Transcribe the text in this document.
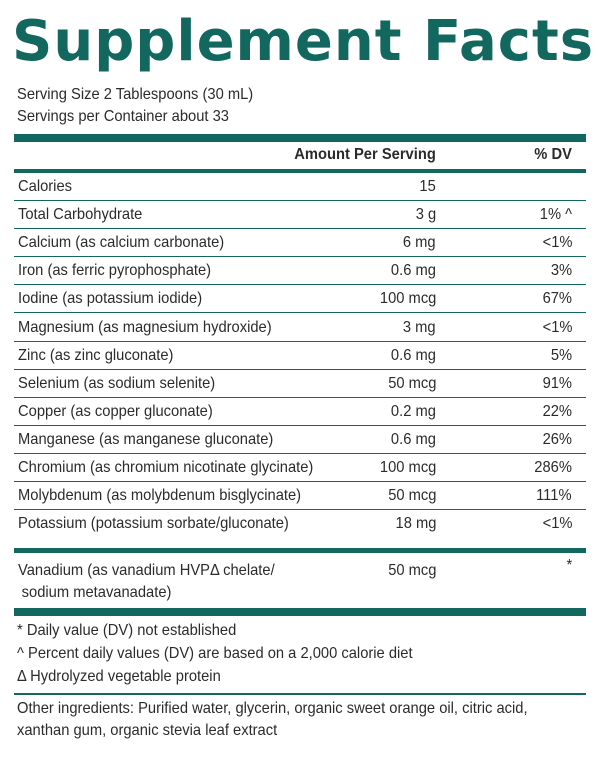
Supplement Facts
Serving Size 2 Tablespoons (30 mL)
Servings per Container about 33
Amount Per Serving	% DV
Calories	15
Total Carbohydrate	3 g	1% ^
Calcium (as calcium carbonate)	6 mg	<1%
Iron (as ferric pyrophosphate)	0.6 mg	3%
Iodine (as potassium iodide)	100 mcg	67%
Magnesium (as magnesium hydroxide)	3 mg	<1%
Zinc (as zinc gluconate)	0.6 mg	5%
Selenium (as sodium selenite)	50 mcg	91%
Copper (as copper gluconate)	0.2 mg	22%
Manganese (as manganese gluconate)	0.6 mg	26%
Chromium (as chromium nicotinate glycinate)	100 mcg	286%
Molybdenum (as molybdenum bisglycinate)	50 mcg	111%
Potassium (potassium sorbate/gluconate)	18 mg	<1%
Vanadium (as vanadium HVPΔ chelate/
sodium metavanadate)
50 mcg	*
* Daily value (DV) not established
^ Percent daily values (DV) are based on a 2,000 calorie diet
Δ Hydrolyzed vegetable protein
Other ingredients: Purified water, glycerin, organic sweet orange oil, citric acid,
xanthan gum, organic stevia leaf extract
